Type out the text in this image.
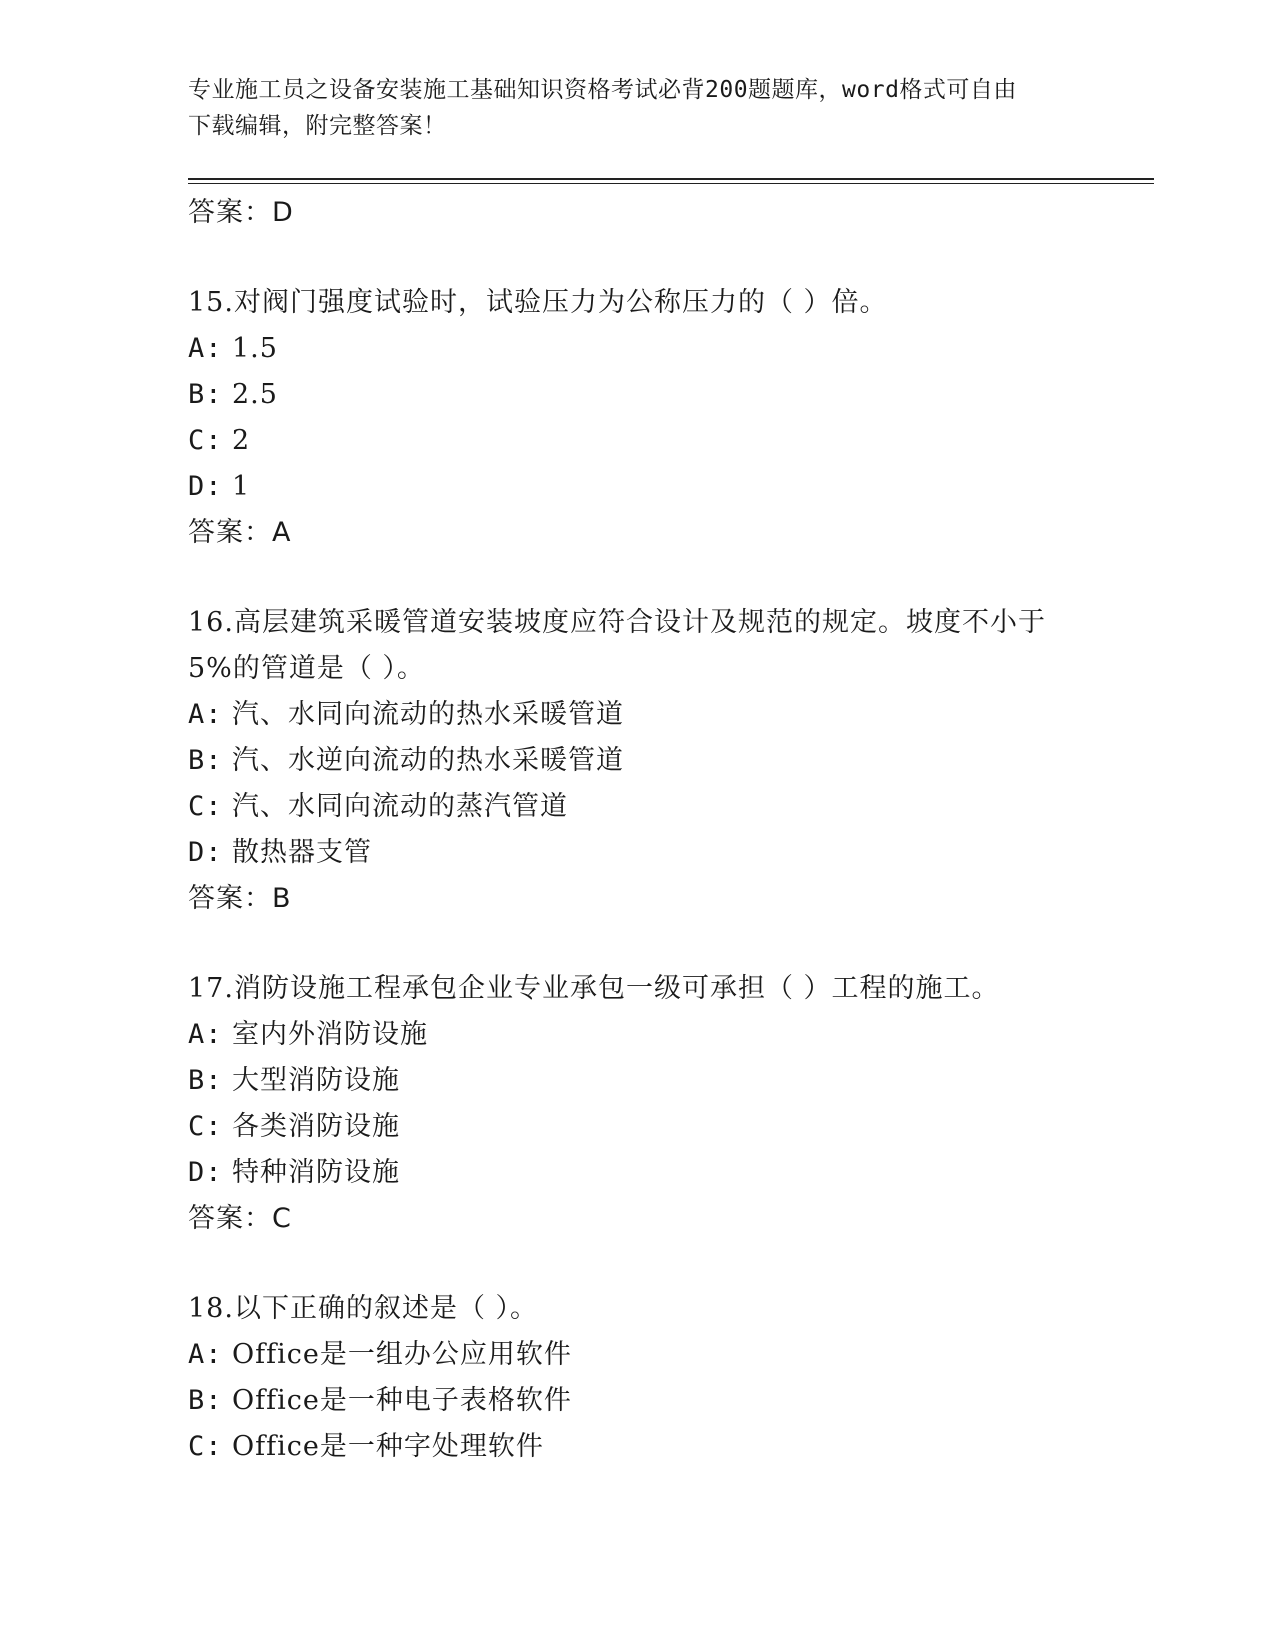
专业施工员之设备安装施工基础知识资格考试必背200题题库，word格式可自由
下载编辑，附完整答案！
答案：D
15.对阀门强度试验时，试验压力为公称压力的（ ）倍。
A: 1.5
B: 2.5
C: 2
D: 1
答案：A
16.高层建筑采暖管道安装坡度应符合设计及规范的规定。坡度不小于
5%的管道是（ ）。
A: 汽、水同向流动的热水采暖管道
B: 汽、水逆向流动的热水采暖管道
C: 汽、水同向流动的蒸汽管道
D: 散热器支管
答案：B
17.消防设施工程承包企业专业承包一级可承担（ ）工程的施工。
A: 室内外消防设施
B: 大型消防设施
C: 各类消防设施
D: 特种消防设施
答案：C
18.以下正确的叙述是（ ）。
A: Office是一组办公应用软件
B: Office是一种电子表格软件
C: Office是一种字处理软件
